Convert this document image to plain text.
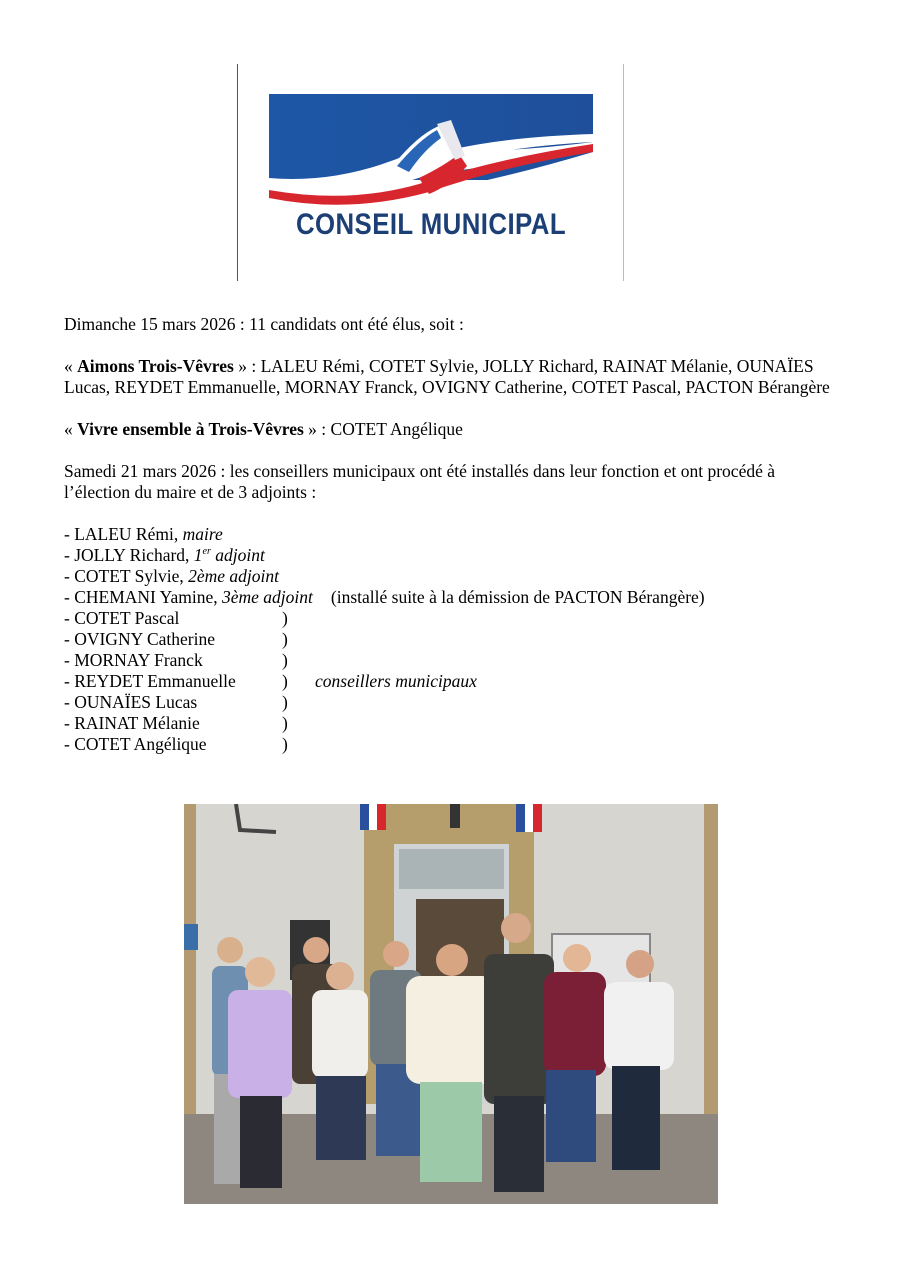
CONSEIL MUNICIPAL

Dimanche 15 mars 2026 : 11 candidats ont été élus, soit :

« Aimons Trois-Vêvres » : LALEU Rémi, COTET Sylvie, JOLLY Richard, RAINAT Mélanie, OUNAÏES Lucas, REYDET Emmanuelle, MORNAY Franck, OVIGNY Catherine, COTET Pascal, PACTON Bérangère

« Vivre ensemble à Trois-Vêvres » : COTET Angélique

Samedi 21 mars 2026 : les conseillers municipaux ont été installés dans leur fonction et ont procédé à l’élection du maire et de 3 adjoints :

- LALEU Rémi, maire

- JOLLY Richard, 1er adjoint

- COTET Sylvie, 2ème adjoint

- CHEMANI Yamine, 3ème adjoint (installé suite à la démission de PACTON Bérangère)

- COTET Pascal	)
- OVIGNY Catherine	)
- MORNAY Franck	)
- REYDET Emmanuelle	) conseillers municipaux
- OUNAÏES Lucas	)
- RAINAT Mélanie	)
- COTET Angélique	)
